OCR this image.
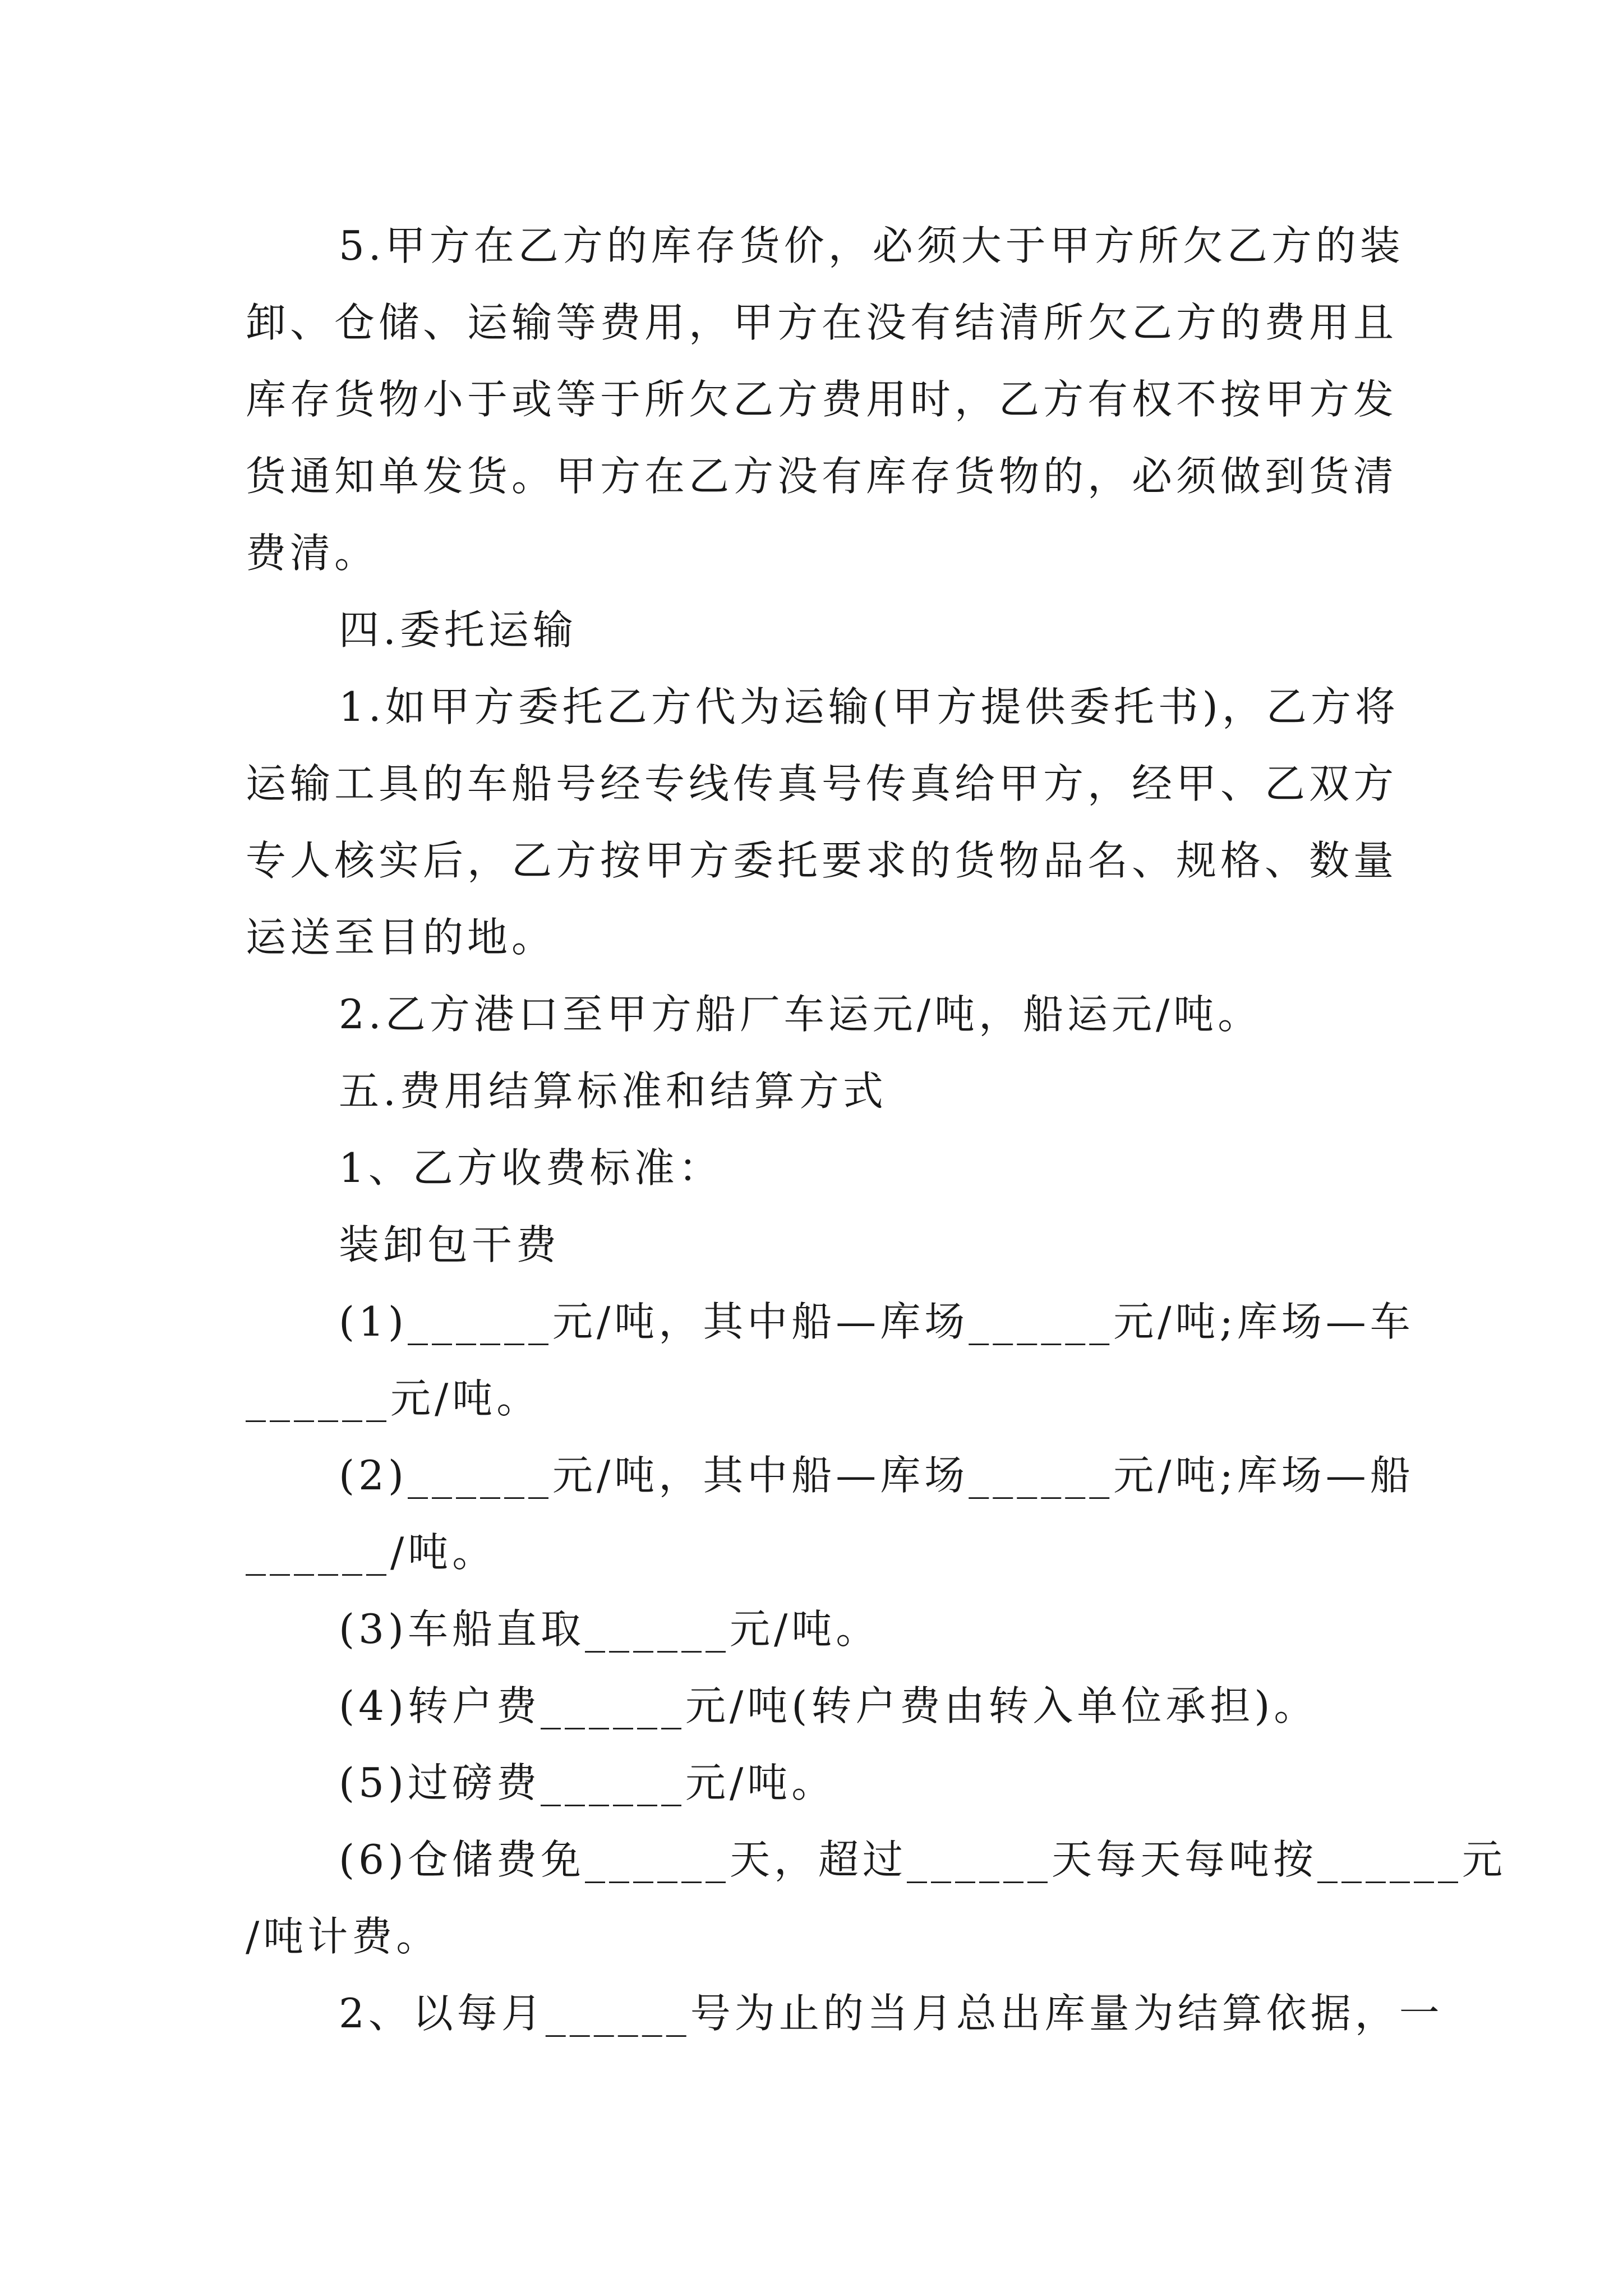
5.甲方在乙方的库存货价，必须大于甲方所欠乙方的装
卸、仓储、运输等费用，甲方在没有结清所欠乙方的费用且
库存货物小于或等于所欠乙方费用时，乙方有权不按甲方发
货通知单发货。甲方在乙方没有库存货物的，必须做到货清
费清。
四.委托运输
1.如甲方委托乙方代为运输(甲方提供委托书)，乙方将
运输工具的车船号经专线传真号传真给甲方，经甲、乙双方
专人核实后，乙方按甲方委托要求的货物品名、规格、数量
运送至目的地。
2.乙方港口至甲方船厂车运元/吨，船运元/吨。
五.费用结算标准和结算方式
1、乙方收费标准：
装卸包干费
(1)______元/吨，其中船—库场______元/吨;库场—车
______元/吨。
(2)______元/吨，其中船—库场______元/吨;库场—船
______/吨。
(3)车船直取______元/吨。
(4)转户费______元/吨(转户费由转入单位承担)。
(5)过磅费______元/吨。
(6)仓储费免______天，超过______天每天每吨按______元
/吨计费。
2、以每月______号为止的当月总出库量为结算依据，一
